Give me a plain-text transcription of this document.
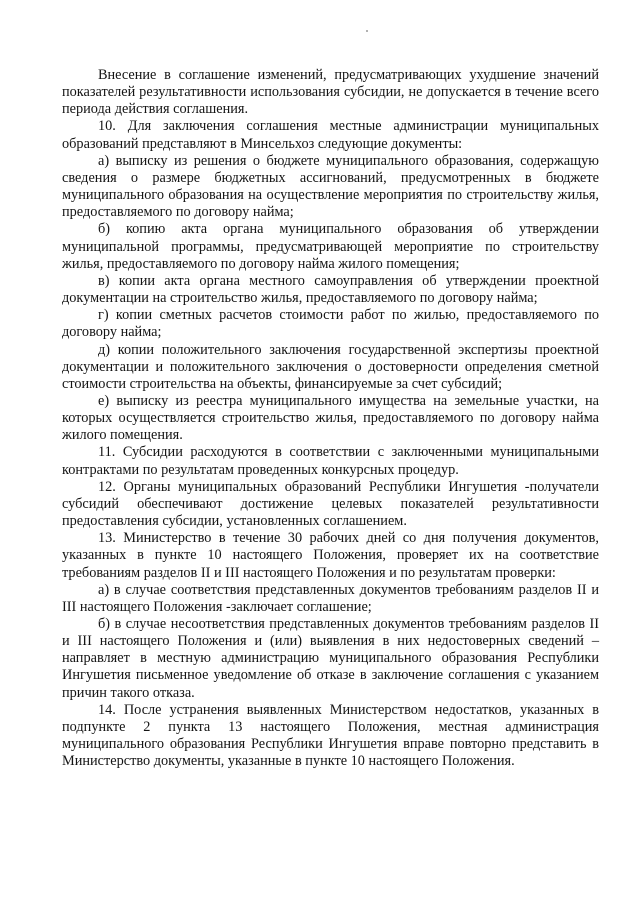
Внесение в соглашение изменений, предусматривающих ухудшение значений показателей результативности использования субсидии, не допускается в течение всего периода действия соглашения.

10. Для заключения соглашения местные администрации муниципальных образований представляют в Минсельхоз следующие документы:

а) выписку из решения о бюджете муниципального образования, содержащую сведения о размере бюджетных ассигнований, предусмотренных в бюджете муниципального образования на осуществление мероприятия по строительству жилья, предоставляемого по договору найма;

б) копию акта органа муниципального образования об утверждении муниципальной программы, предусматривающей мероприятие по строительству жилья, предоставляемого по договору найма жилого помещения;

в) копии акта органа местного самоуправления об утверждении проектной документации на строительство жилья, предоставляемого по договору найма;

г) копии сметных расчетов стоимости работ по жилью, предоставляемого по договору найма;

д) копии положительного заключения государственной экспертизы проектной документации и положительного заключения о достоверности определения сметной стоимости строительства на объекты, финансируемые за счет субсидий;

е) выписку из реестра муниципального имущества на земельные участки, на которых осуществляется строительство жилья, предоставляемого по договору найма жилого помещения.

11. Субсидии расходуются в соответствии с заключенными муниципальными контрактами по результатам проведенных конкурсных процедур.

12. Органы муниципальных образований Республики Ингушетия -получатели субсидий обеспечивают достижение целевых показателей результативности предоставления субсидии, установленных соглашением.

13. Министерство в течение 30 рабочих дней со дня получения документов, указанных в пункте 10 настоящего Положения, проверяет их на соответствие требованиям разделов II и III настоящего Положения и по результатам проверки:

а) в случае соответствия представленных документов требованиям разделов II и III настоящего Положения -заключает соглашение;

б) в случае несоответствия представленных документов требованиям разделов II и III настоящего Положения и (или) выявления в них недостоверных сведений – направляет в местную администрацию муниципального образования Республики Ингушетия письменное уведомление об отказе в заключение соглашения с указанием причин такого отказа.

14. После устранения выявленных Министерством недостатков, указанных в подпункте 2 пункта 13 настоящего Положения, местная администрация муниципального образования Республики Ингушетия вправе повторно представить в Министерство документы, указанные в пункте 10 настоящего Положения.
